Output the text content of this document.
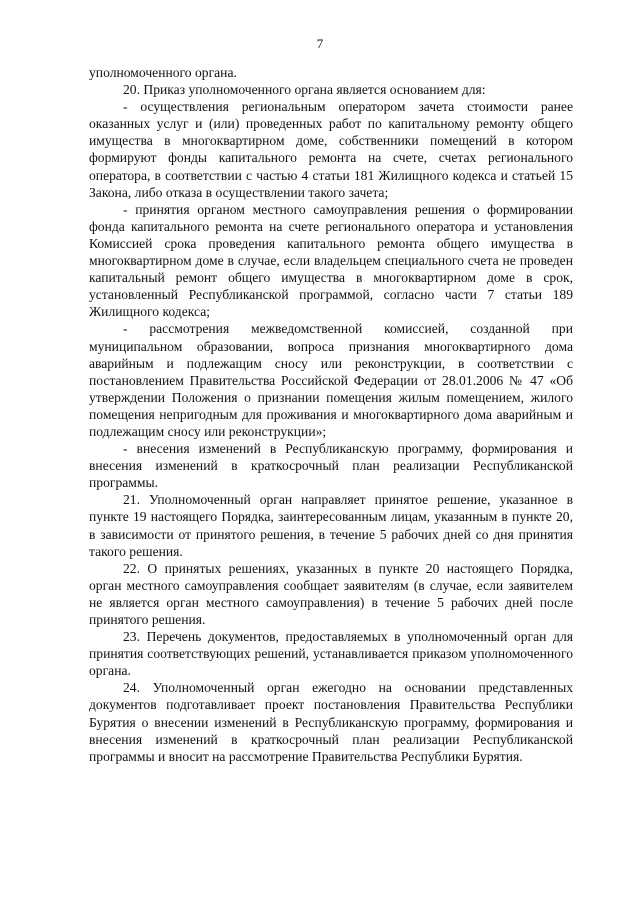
7

уполномоченного органа.

20. Приказ уполномоченного органа является основанием для:

- осуществления региональным оператором зачета стоимости ранее оказанных услуг и (или) проведенных работ по капитальному ремонту общего имущества в многоквартирном доме, собственники помещений в котором формируют фонды капитального ремонта на счете, счетах регионального оператора, в соответствии с частью 4 статьи 181 Жилищного кодекса и статьей 15 Закона, либо отказа в осуществлении такого зачета;

- принятия органом местного самоуправления решения о формировании фонда капитального ремонта на счете регионального оператора и установления Комиссией срока проведения капитального ремонта общего имущества в многоквартирном доме в случае, если владельцем специального счета не проведен капитальный ремонт общего имущества в многоквартирном доме в срок, установленный Республиканской программой, согласно части 7 статьи 189 Жилищного кодекса;

- рассмотрения межведомственной комиссией, созданной при муниципальном образовании, вопроса признания многоквартирного дома аварийным и подлежащим сносу или реконструкции, в соответствии с постановлением Правительства Российской Федерации от 28.01.2006 № 47 «Об утверждении Положения о признании помещения жилым помещением, жилого помещения непригодным для проживания и многоквартирного дома аварийным и подлежащим сносу или реконструкции»;

- внесения изменений в Республиканскую программу, формирования и внесения изменений в краткосрочный план реализации Республиканской программы.

21. Уполномоченный орган направляет принятое решение, указанное в пункте 19 настоящего Порядка, заинтересованным лицам, указанным в пункте 20, в зависимости от принятого решения, в течение 5 рабочих дней со дня принятия такого решения.

22. О принятых решениях, указанных в пункте 20 настоящего Порядка, орган местного самоуправления сообщает заявителям (в случае, если заявителем не является орган местного самоуправления) в течение 5 рабочих дней после принятого решения.

23. Перечень документов, предоставляемых в уполномоченный орган для принятия соответствующих решений, устанавливается приказом уполномоченного органа.

24. Уполномоченный орган ежегодно на основании представленных документов подготавливает проект постановления Правительства Республики Бурятия о внесении изменений в Республиканскую программу, формирования и внесения изменений в краткосрочный план реализации Республиканской программы и вносит на рассмотрение Правительства Республики Бурятия.
